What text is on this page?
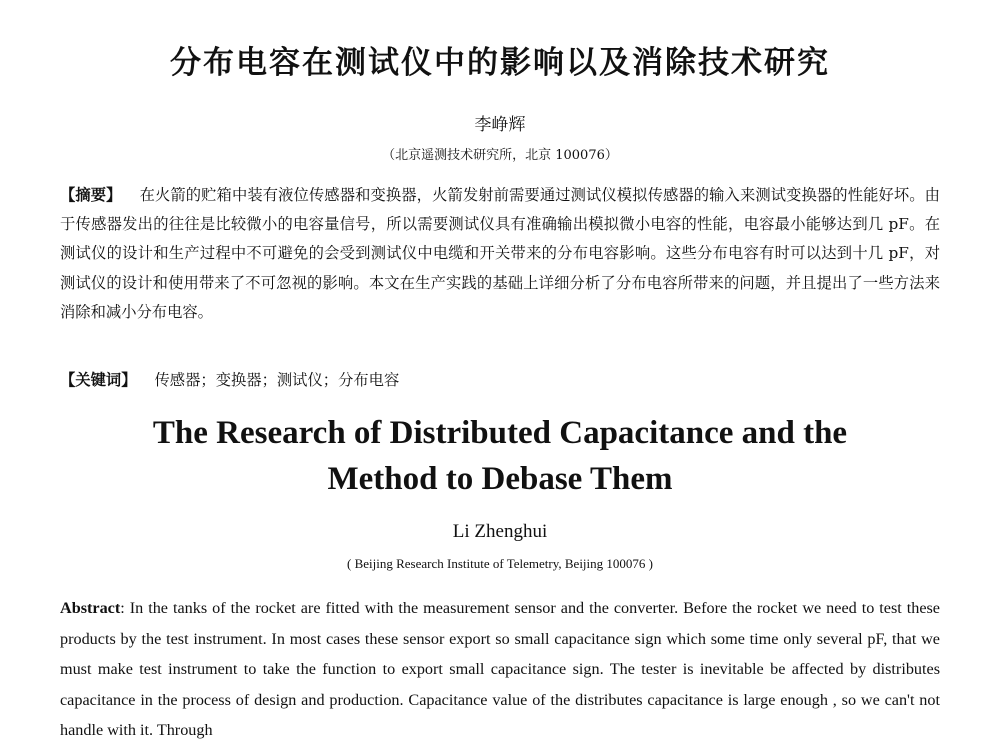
分布电容在测试仪中的影响以及消除技术研究
李峥辉
（北京遥测技术研究所，北京 100076）
【摘要】 在火箭的贮箱中装有液位传感器和变换器，火箭发射前需要通过测试仪模拟传感器的输入来测试变换器的性能好坏。由于传感器发出的往往是比较微小的电容量信号，所以需要测试仪具有准确输出模拟微小电容的性能，电容最小能够达到几 pF。在测试仪的设计和生产过程中不可避免的会受到测试仪中电缆和开关带来的分布电容影响。这些分布电容有时可以达到十几 pF，对测试仪的设计和使用带来了不可忽视的影响。本文在生产实践的基础上详细分析了分布电容所带来的问题，并且提出了一些方法来消除和减小分布电容。
【关键词】 传感器；变换器；测试仪；分布电容
The Research of Distributed Capacitance and the
Method to Debase Them
Li Zhenghui
( Beijing Research Institute of Telemetry, Beijing 100076 )
Abstract: In the tanks of the rocket are fitted with the measurement sensor and the converter. Before the rocket we need to test these products by the test instrument. In most cases these sensor export so small capacitance sign which some time only several pF, that we must make test instrument to take the function to export small capacitance sign. The tester is inevitable be affected by distributes capacitance in the process of design and production. Capacitance value of the distributes capacitance is large enough , so we can't not handle with it. Through
